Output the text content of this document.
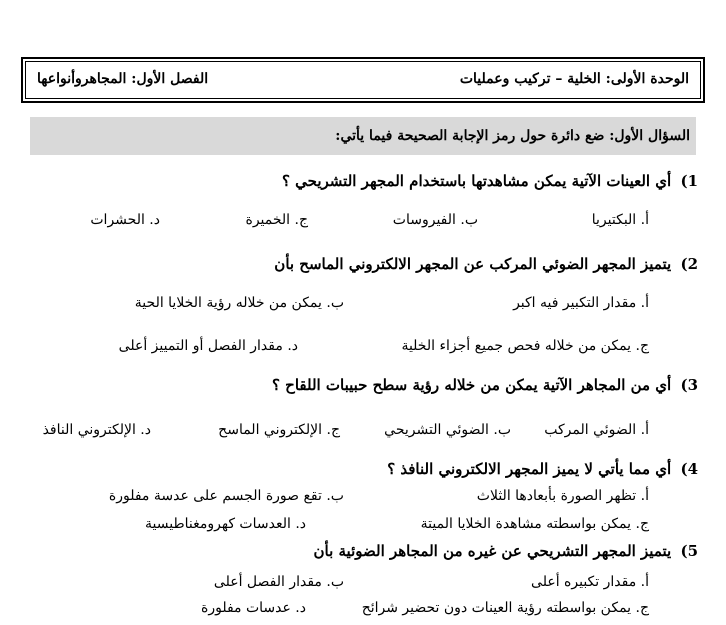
الوحدة الأولى: الخلية – تركيب وعمليات
الفصل الأول: المجاهروأنواعها
السؤال الأول: ضع دائرة حول رمز الإجابة الصحيحة فيما يأتي:
1) أي العينات الآتية يمكن مشاهدتها باستخدام المجهر التشريحي ؟
أ. البكتيريا
ب. الفيروسات
ج. الخميرة
د. الحشرات
2) يتميز المجهر الضوئي المركب عن المجهر الالكتروني الماسح بأن
أ. مقدار التكبير فيه اكبر
ب. يمكن من خلاله رؤية الخلايا الحية
ج. يمكن من خلاله فحص جميع أجزاء الخلية
د. مقدار الفصل أو التمييز أعلى
3) أي من المجاهر الآتية يمكن من خلاله رؤية سطح حبيبات اللقاح ؟
أ. الضوئي المركب
ب. الضوئي التشريحي
ج. الإلكتروني الماسح
د. الإلكتروني النافذ
4) أي مما يأتي لا يميز المجهر الالكتروني النافذ ؟
أ. تظهر الصورة بأبعادها الثلاث
ب. تقع صورة الجسم على عدسة مفلورة
ج. يمكن بواسطته مشاهدة الخلايا الميتة
د. العدسات كهرومغناطيسية
5) يتميز المجهر التشريحي عن غيره من المجاهر الضوئية بأن
أ. مقدار تكبيره أعلى
ب. مقدار الفصل أعلى
ج. يمكن بواسطته رؤية العينات دون تحضير شرائح
د. عدسات مفلورة
